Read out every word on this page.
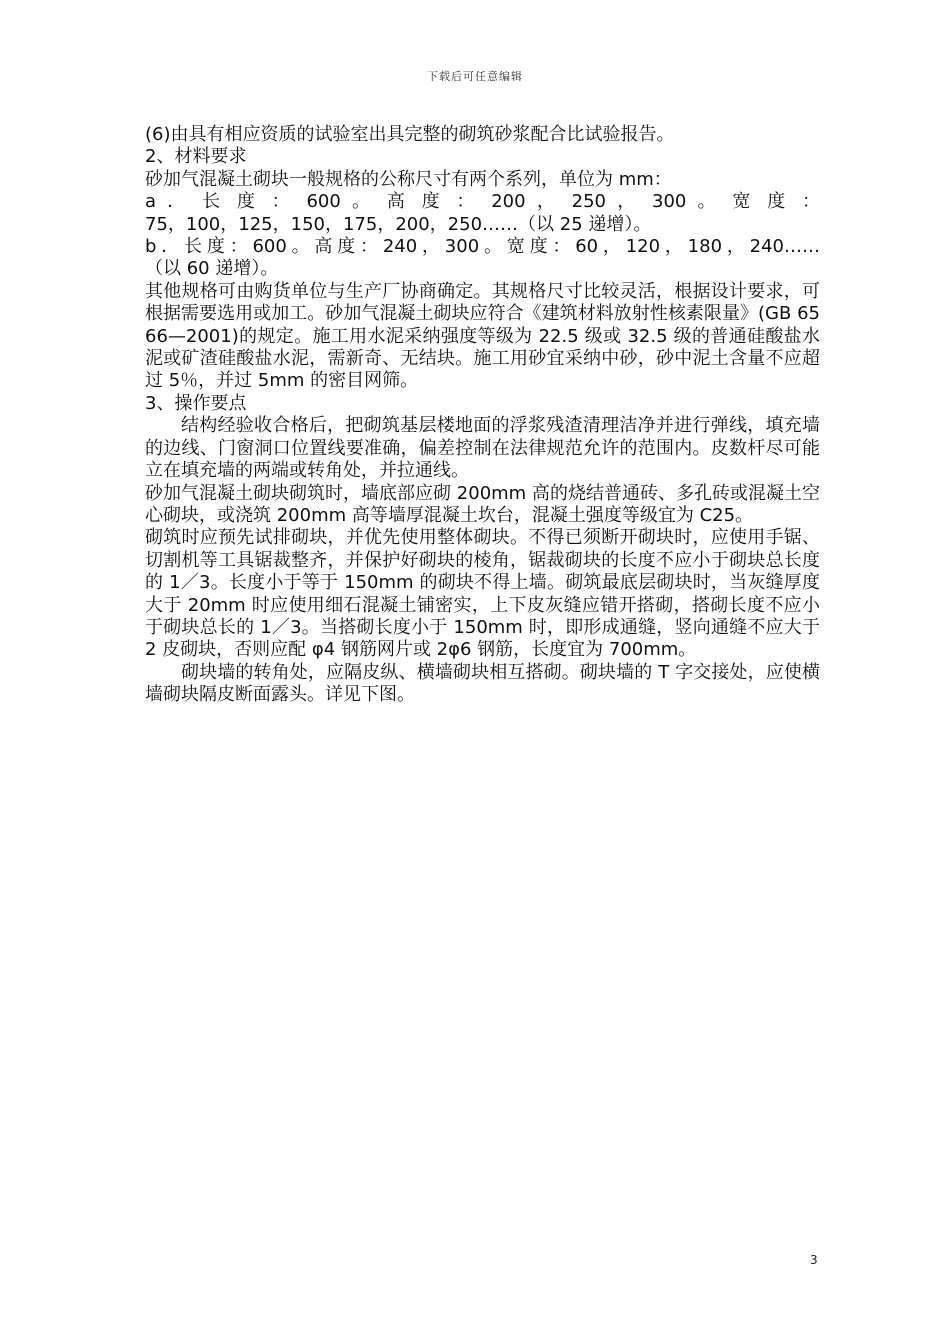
下载后可任意编辑

(6)由具有相应资质的试验室出具完整的砌筑砂浆配合比试验报告。

2、材料要求

砂加气混凝土砌块一般规格的公称尺寸有两个系列，单位为 mm：

a ． 长 度 ： 600 。 高 度 ： 200 ， 250 ， 300 。 宽 度 ：

75，100，125，150，175，200，250……（以 25 递增）。

b．长度：600。高度：240，300。宽度：60，120，180，240……

（以 60 递增）。

其他规格可由购货单位与生产厂协商确定。其规格尺寸比较灵活，根据设计要求，可根据需要选用或加工。砂加气混凝土砌块应符合《建筑材料放射性核素限量》(GB 6566—2001)的规定。施工用水泥采纳强度等级为 22.5 级或 32.5 级的普通硅酸盐水泥或矿渣硅酸盐水泥，需新奇、无结块。施工用砂宜采纳中砂，砂中泥土含量不应超过 5％，并过 5mm 的密目网筛。

3、操作要点

结构经验收合格后，把砌筑基层楼地面的浮浆残渣清理洁净并进行弹线，填充墙的边线、门窗洞口位置线要准确，偏差控制在法律规范允许的范围内。皮数杆尽可能立在填充墙的两端或转角处，并拉通线。

砂加气混凝土砌块砌筑时，墙底部应砌 200mm 高的烧结普通砖、多孔砖或混凝土空心砌块，或浇筑 200mm 高等墙厚混凝土坎台，混凝土强度等级宜为 C25。

砌筑时应预先试排砌块，并优先使用整体砌块。不得已须断开砌块时，应使用手锯、切割机等工具锯裁整齐，并保护好砌块的棱角，锯裁砌块的长度不应小于砌块总长度的 1／3。长度小于等于 150mm 的砌块不得上墙。砌筑最底层砌块时，当灰缝厚度大于 20mm 时应使用细石混凝土铺密实，上下皮灰缝应错开搭砌，搭砌长度不应小于砌块总长的 1／3。当搭砌长度小于 150mm 时，即形成通缝，竖向通缝不应大于 2 皮砌块，否则应配 φ4 钢筋网片或 2φ6 钢筋，长度宜为 700mm。

砌块墙的转角处，应隔皮纵、横墙砌块相互搭砌。砌块墙的 T 字交接处，应使横墙砌块隔皮断面露头。详见下图。

3
